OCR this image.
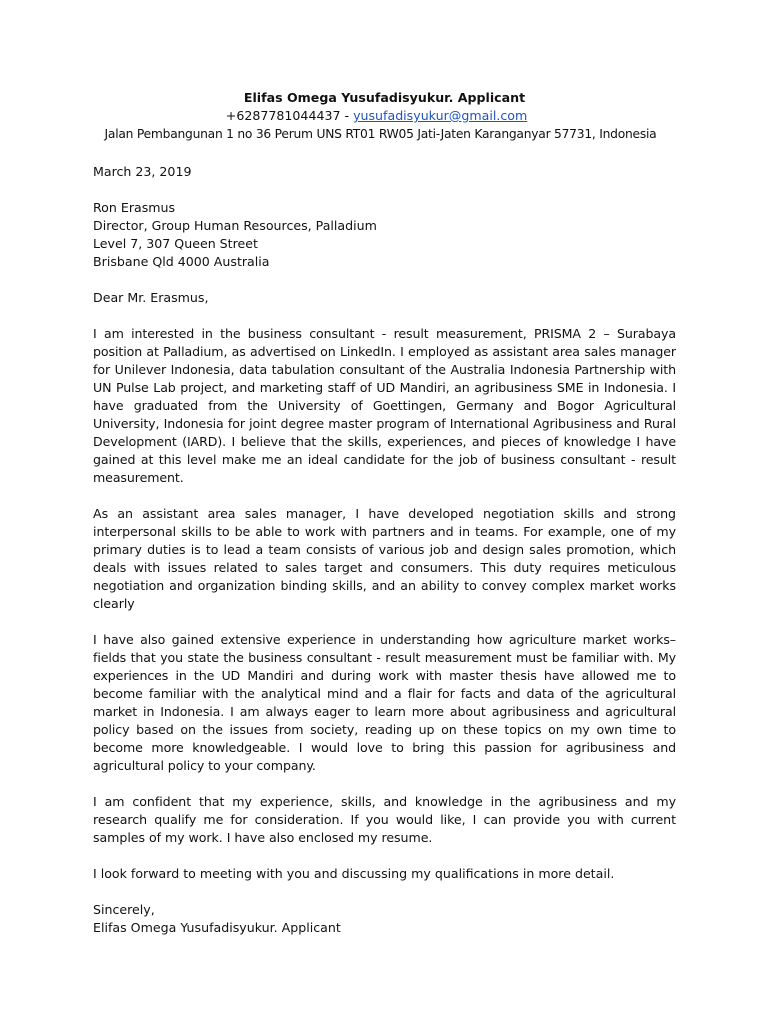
Elifas Omega Yusufadisyukur. Applicant
+6287781044437 - yusufadisyukur@gmail.com
Jalan Pembangunan 1 no 36 Perum UNS RT01 RW05 Jati-Jaten Karanganyar 57731, Indonesia
March 23, 2019
Ron Erasmus
Director, Group Human Resources, Palladium
Level 7, 307 Queen Street
Brisbane Qld 4000 Australia
Dear Mr. Erasmus,
I am interested in the business consultant - result measurement, PRISMA 2 – Surabaya position at Palladium, as advertised on LinkedIn. I employed as assistant area sales manager for Unilever Indonesia, data tabulation consultant of the Australia Indonesia Partnership with UN Pulse Lab project, and marketing staff of UD Mandiri, an agribusiness SME in Indonesia. I have graduated from the University of Goettingen, Germany and Bogor Agricultural University, Indonesia for joint degree master program of International Agribusiness and Rural Development (IARD). I believe that the skills, experiences, and pieces of knowledge I have gained at this level make me an ideal candidate for the job of business consultant - result measurement.
As an assistant area sales manager, I have developed negotiation skills and strong interpersonal skills to be able to work with partners and in teams. For example, one of my primary duties is to lead a team consists of various job and design sales promotion, which deals with issues related to sales target and consumers. This duty requires meticulous negotiation and organization binding skills, and an ability to convey complex market works clearly
I have also gained extensive experience in understanding how agriculture market works– fields that you state the business consultant - result measurement must be familiar with. My experiences in the UD Mandiri and during work with master thesis have allowed me to become familiar with the analytical mind and a flair for facts and data of the agricultural market in Indonesia. I am always eager to learn more about agribusiness and agricultural policy based on the issues from society, reading up on these topics on my own time to become more knowledgeable. I would love to bring this passion for agribusiness and agricultural policy to your company.
I am confident that my experience, skills, and knowledge in the agribusiness and my research qualify me for consideration. If you would like, I can provide you with current samples of my work. I have also enclosed my resume.
I look forward to meeting with you and discussing my qualifications in more detail.
Sincerely,
Elifas Omega Yusufadisyukur. Applicant
